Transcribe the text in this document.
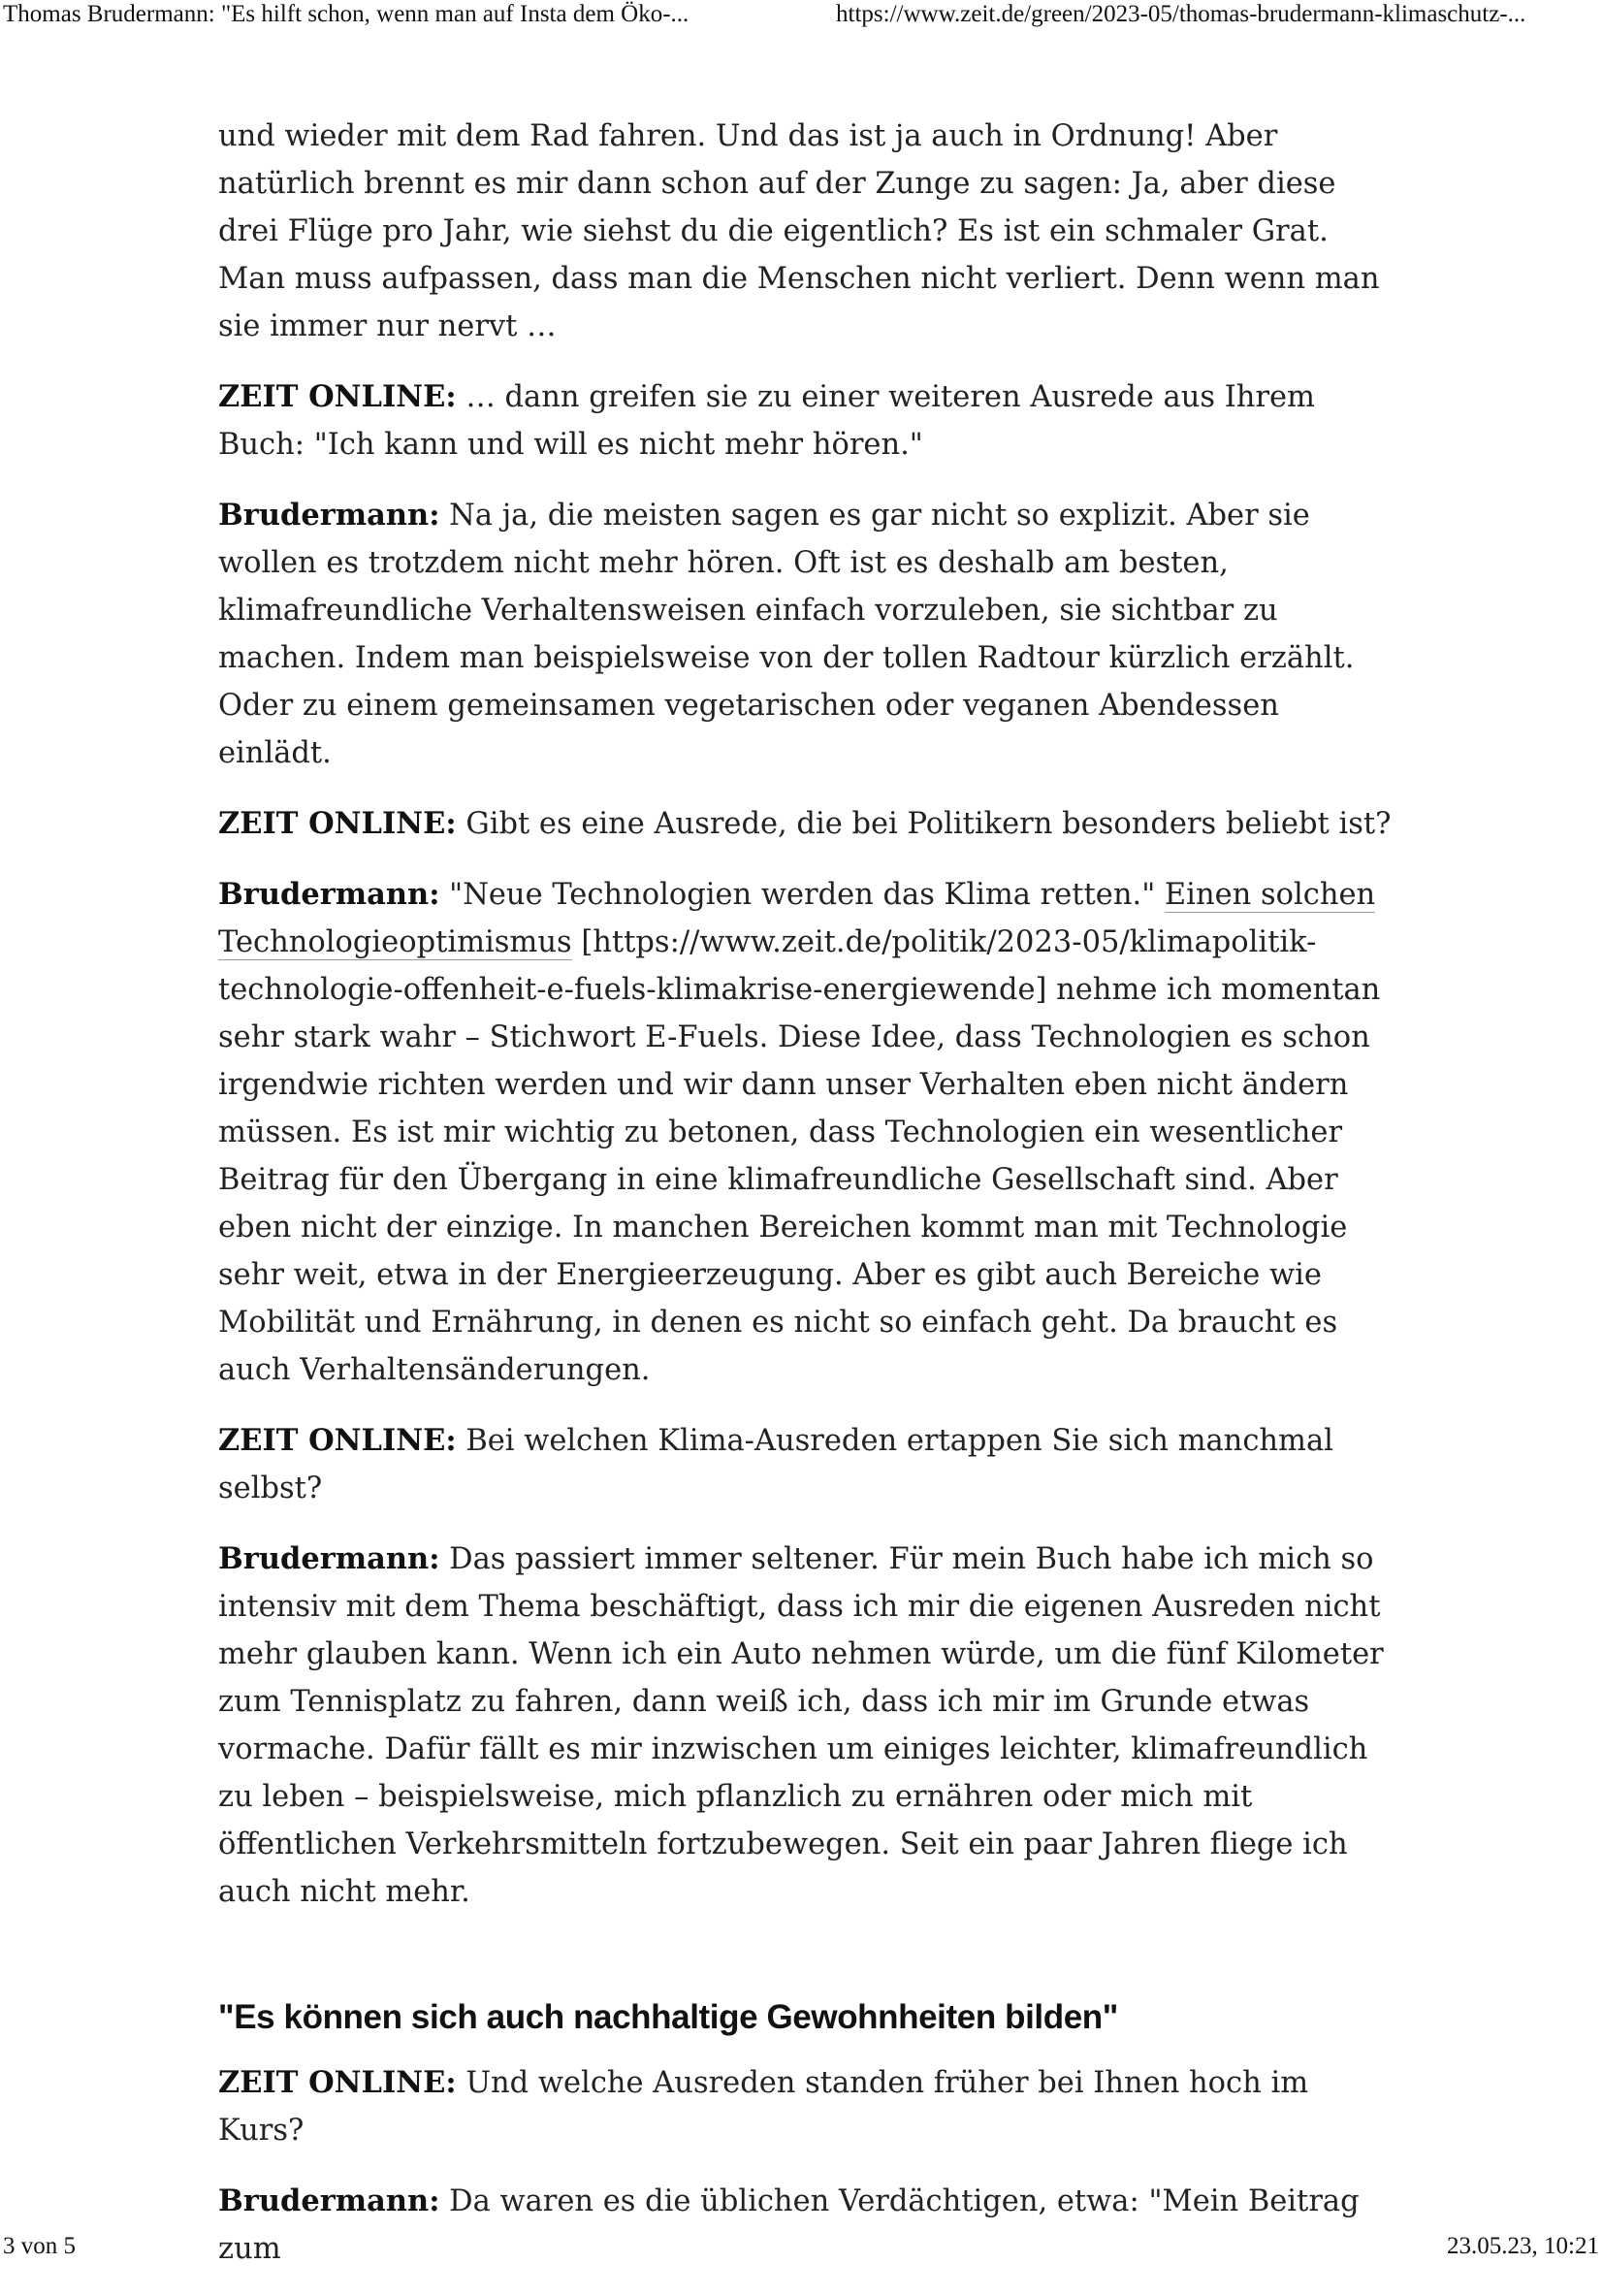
Thomas Brudermann: "Es hilft schon, wenn man auf Insta dem Öko-...	https://www.zeit.de/green/2023-05/thomas-brudermann-klimaschutz-...

und wieder mit dem Rad fahren. Und das ist ja auch in Ordnung! Aber natürlich brennt es mir dann schon auf der Zunge zu sagen: Ja, aber diese drei Flüge pro Jahr, wie siehst du die eigentlich? Es ist ein schmaler Grat. Man muss aufpassen, dass man die Menschen nicht verliert. Denn wenn man sie immer nur nervt …

ZEIT ONLINE: … dann greifen sie zu einer weiteren Ausrede aus Ihrem Buch: "Ich kann und will es nicht mehr hören."

Brudermann: Na ja, die meisten sagen es gar nicht so explizit. Aber sie wollen es trotzdem nicht mehr hören. Oft ist es deshalb am besten, klimafreundliche Verhaltensweisen einfach vorzuleben, sie sichtbar zu machen. Indem man beispielsweise von der tollen Radtour kürzlich erzählt. Oder zu einem gemeinsamen vegetarischen oder veganen Abendessen einlädt.

ZEIT ONLINE: Gibt es eine Ausrede, die bei Politikern besonders beliebt ist?

Brudermann: "Neue Technologien werden das Klima retten." Einen solchen Technologieoptimismus [https://www.zeit.de/politik/2023-05/klimapolitik-technologie-offenheit-e-fuels-klimakrise-energiewende] nehme ich momentan sehr stark wahr – Stichwort E-Fuels. Diese Idee, dass Technologien es schon irgendwie richten werden und wir dann unser Verhalten eben nicht ändern müssen. Es ist mir wichtig zu betonen, dass Technologien ein wesentlicher Beitrag für den Übergang in eine klimafreundliche Gesellschaft sind. Aber eben nicht der einzige. In manchen Bereichen kommt man mit Technologie sehr weit, etwa in der Energieerzeugung. Aber es gibt auch Bereiche wie Mobilität und Ernährung, in denen es nicht so einfach geht. Da braucht es auch Verhaltensänderungen.

ZEIT ONLINE: Bei welchen Klima-Ausreden ertappen Sie sich manchmal selbst?

Brudermann: Das passiert immer seltener. Für mein Buch habe ich mich so intensiv mit dem Thema beschäftigt, dass ich mir die eigenen Ausreden nicht mehr glauben kann. Wenn ich ein Auto nehmen würde, um die fünf Kilometer zum Tennisplatz zu fahren, dann weiß ich, dass ich mir im Grunde etwas vormache. Dafür fällt es mir inzwischen um einiges leichter, klimafreundlich zu leben – beispielsweise, mich pflanzlich zu ernähren oder mich mit öffentlichen Verkehrsmitteln fortzubewegen. Seit ein paar Jahren fliege ich auch nicht mehr.

"Es können sich auch nachhaltige Gewohnheiten bilden"

ZEIT ONLINE: Und welche Ausreden standen früher bei Ihnen hoch im Kurs?

Brudermann: Da waren es die üblichen Verdächtigen, etwa: "Mein Beitrag zum

3 von 5	23.05.23, 10:21
